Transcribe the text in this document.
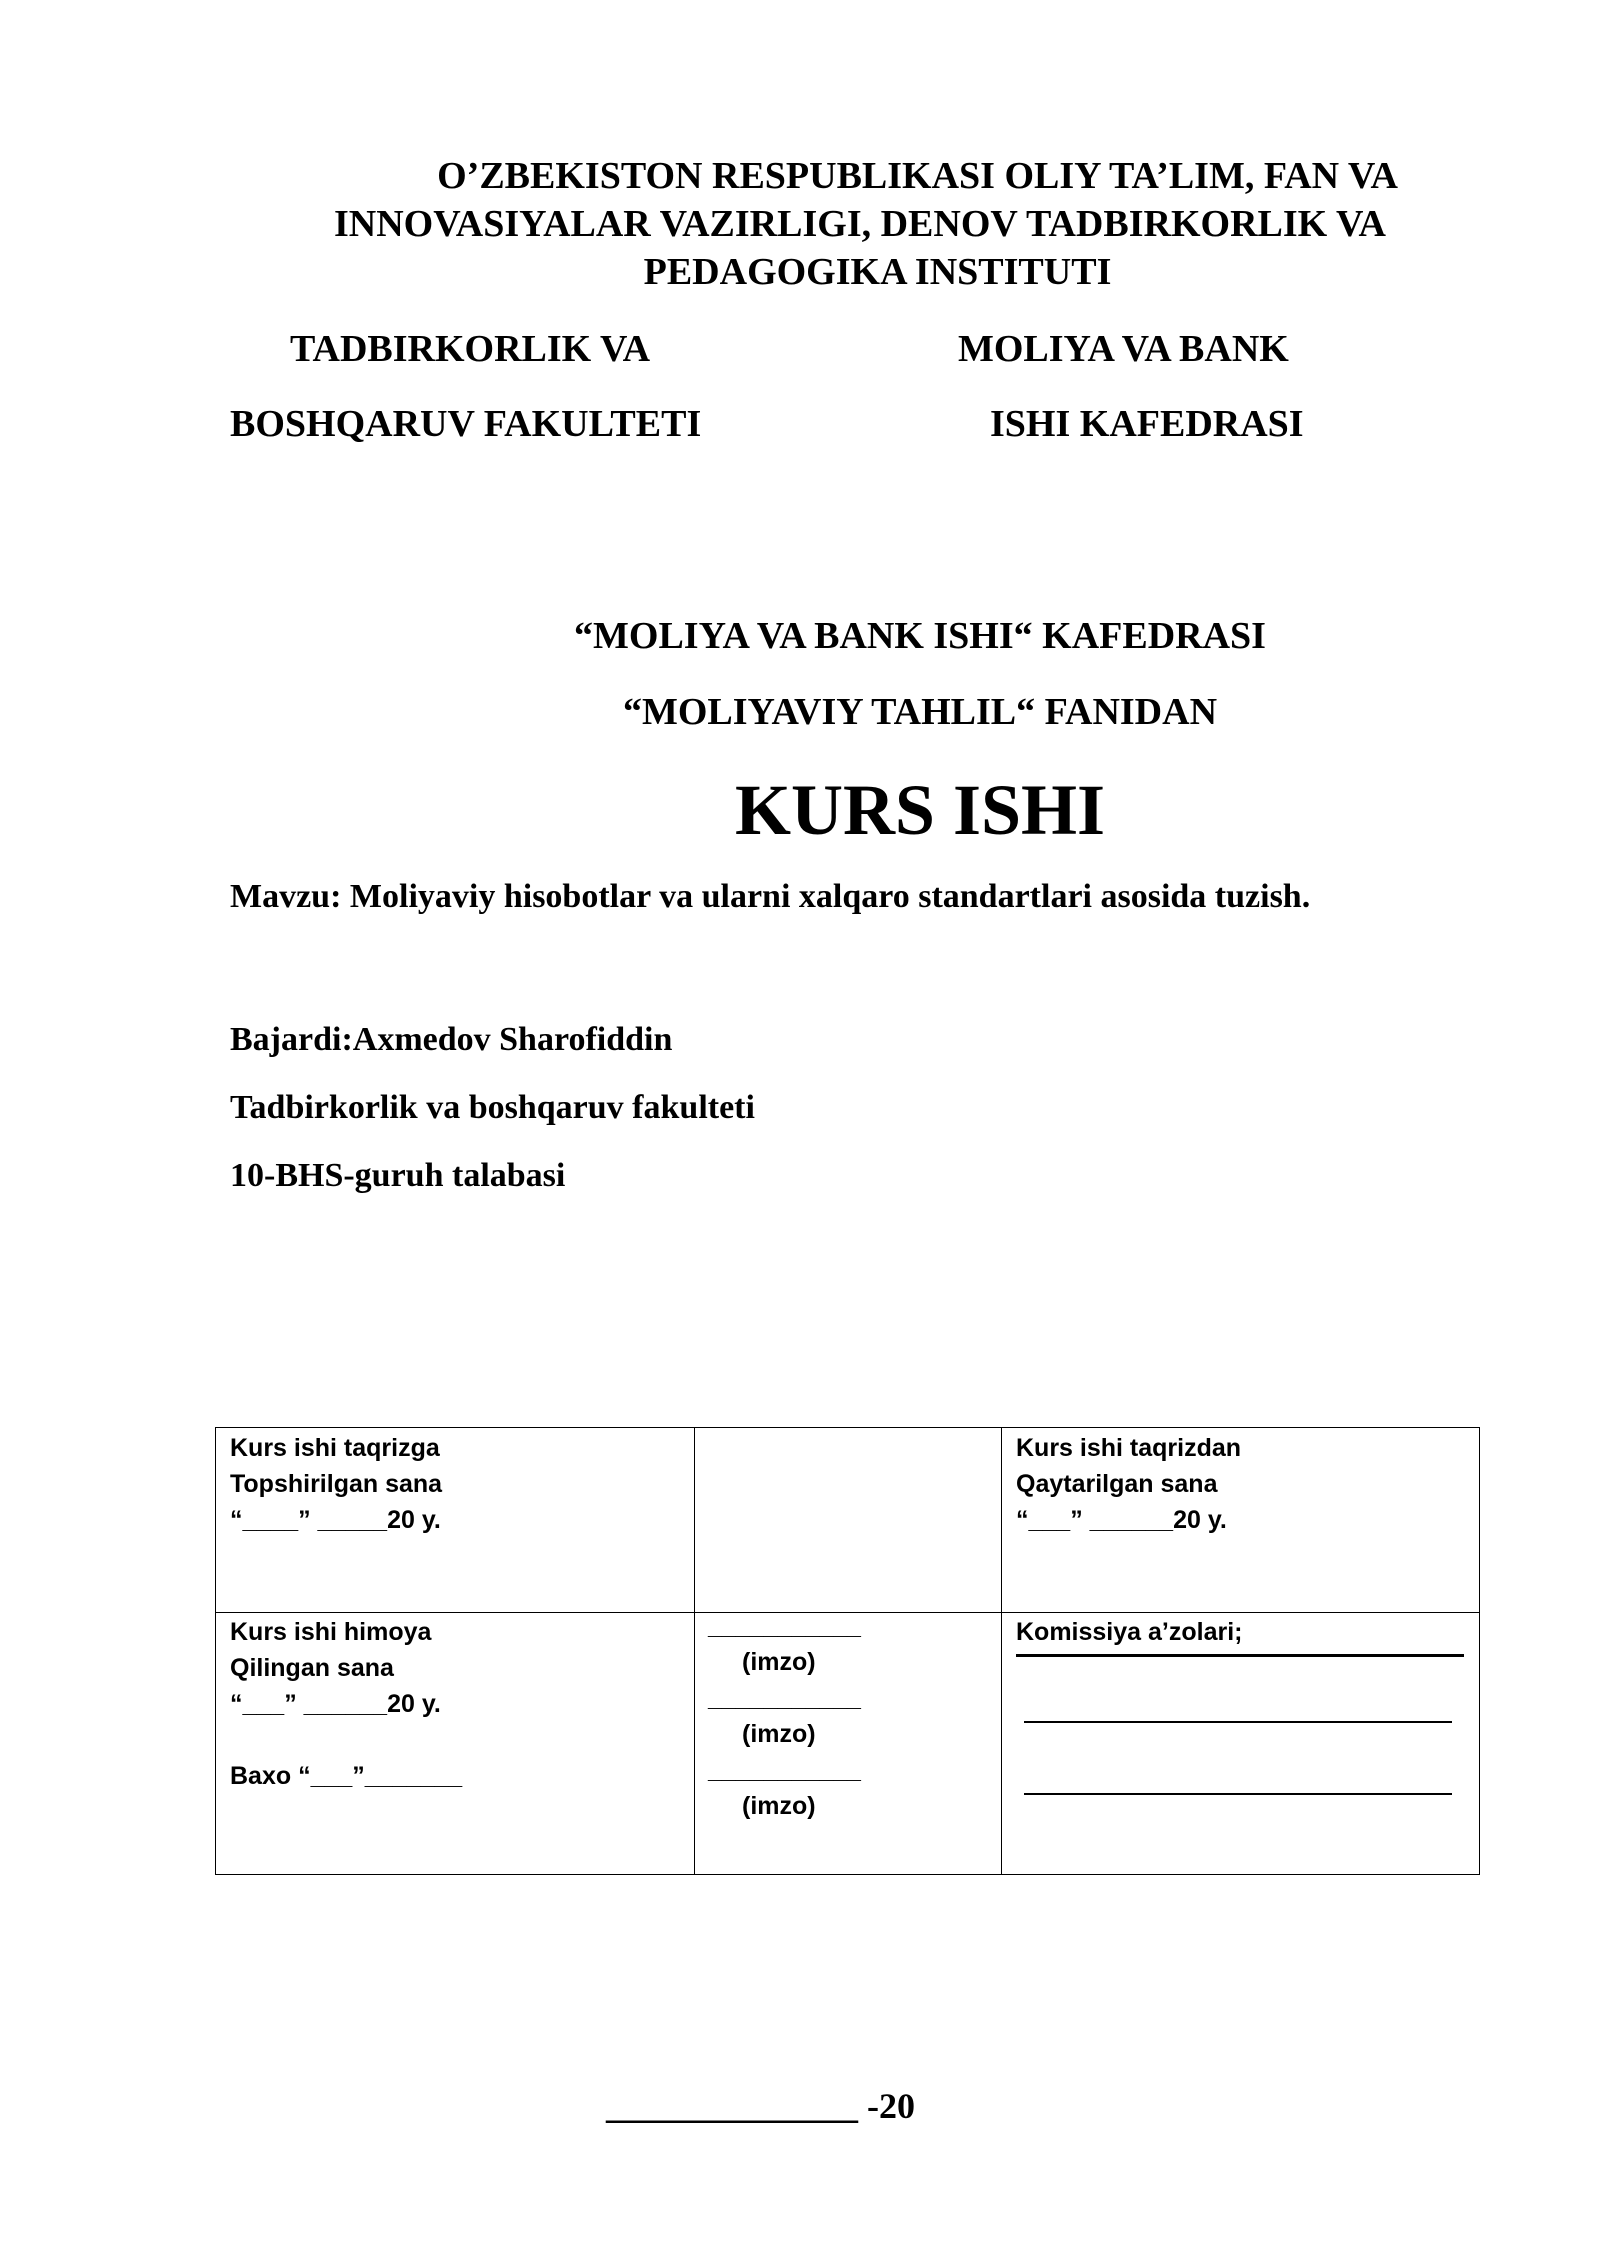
O’ZBEKISTON RESPUBLIKASI OLIY TA’LIM, FAN VA
INNOVASIYALAR VAZIRLIGI, DENOV TADBIRKORLIK VA
PEDAGOGIKA INSTITUTI
TADBIRKORLIK VA
BOSHQARUV FAKULTETI
MOLIYA VA BANK
ISHI KAFEDRASI
“MOLIYA VA BANK ISHI“ KAFEDRASI
“MOLIYAVIY TAHLIL“ FANIDAN
KURS ISHI
Mavzu: Moliyaviy hisobotlar va ularni xalqaro standartlari asosida tuzish.
Bajardi:Axmedov Sharofiddin
Tadbirkorlik va boshqaruv fakulteti
10-BHS-guruh talabasi
Kurs ishi taqrizga
Topshirilgan sana
“____” _____20 y.
Kurs ishi taqrizdan
Qaytarilgan sana
“___” ______20 y.
Kurs ishi himoya
Qilingan sana
“___” ______20 y.
Baxo “___”_______
___________
(imzo)
___________
(imzo)
___________
(imzo)
Komissiya a’zolari;
______________ -20
